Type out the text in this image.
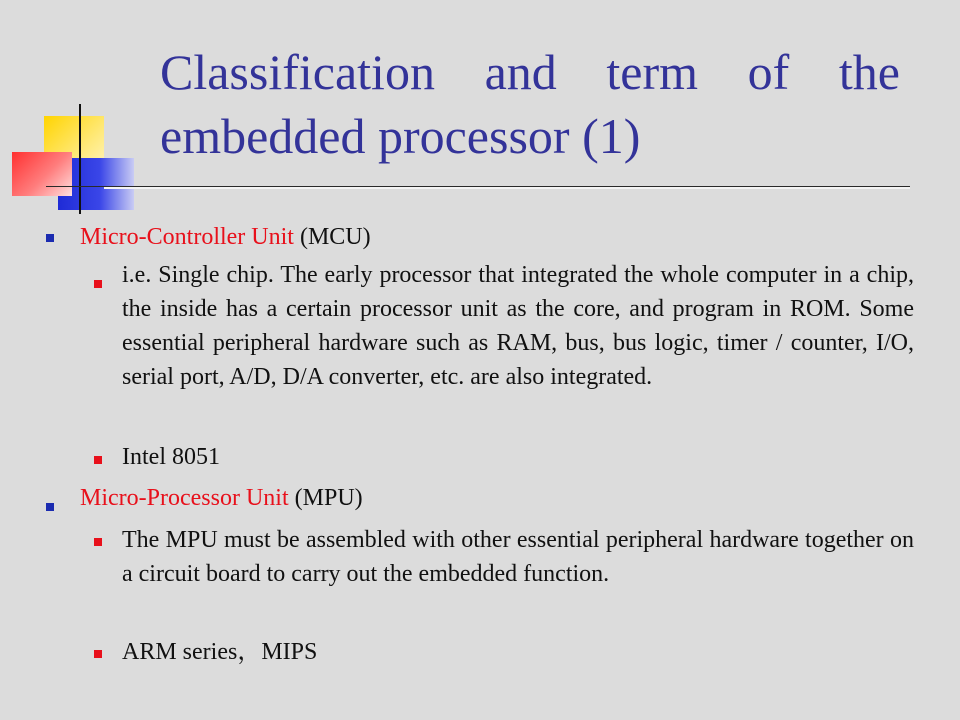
Classification and term of the embedded processor (1)
Micro-Controller Unit (MCU)
i.e. Single chip. The early processor that integrated the whole computer in a chip, the inside has a certain processor unit as the core, and program in ROM. Some essential peripheral hardware such as RAM, bus, bus logic, timer / counter, I/O, serial port, A/D, D/A converter, etc. are also integrated.
Intel 8051
Micro-Processor Unit (MPU)
The MPU must be assembled with other essential peripheral hardware together on a circuit board to carry out the embedded function.
ARM series，MIPS
